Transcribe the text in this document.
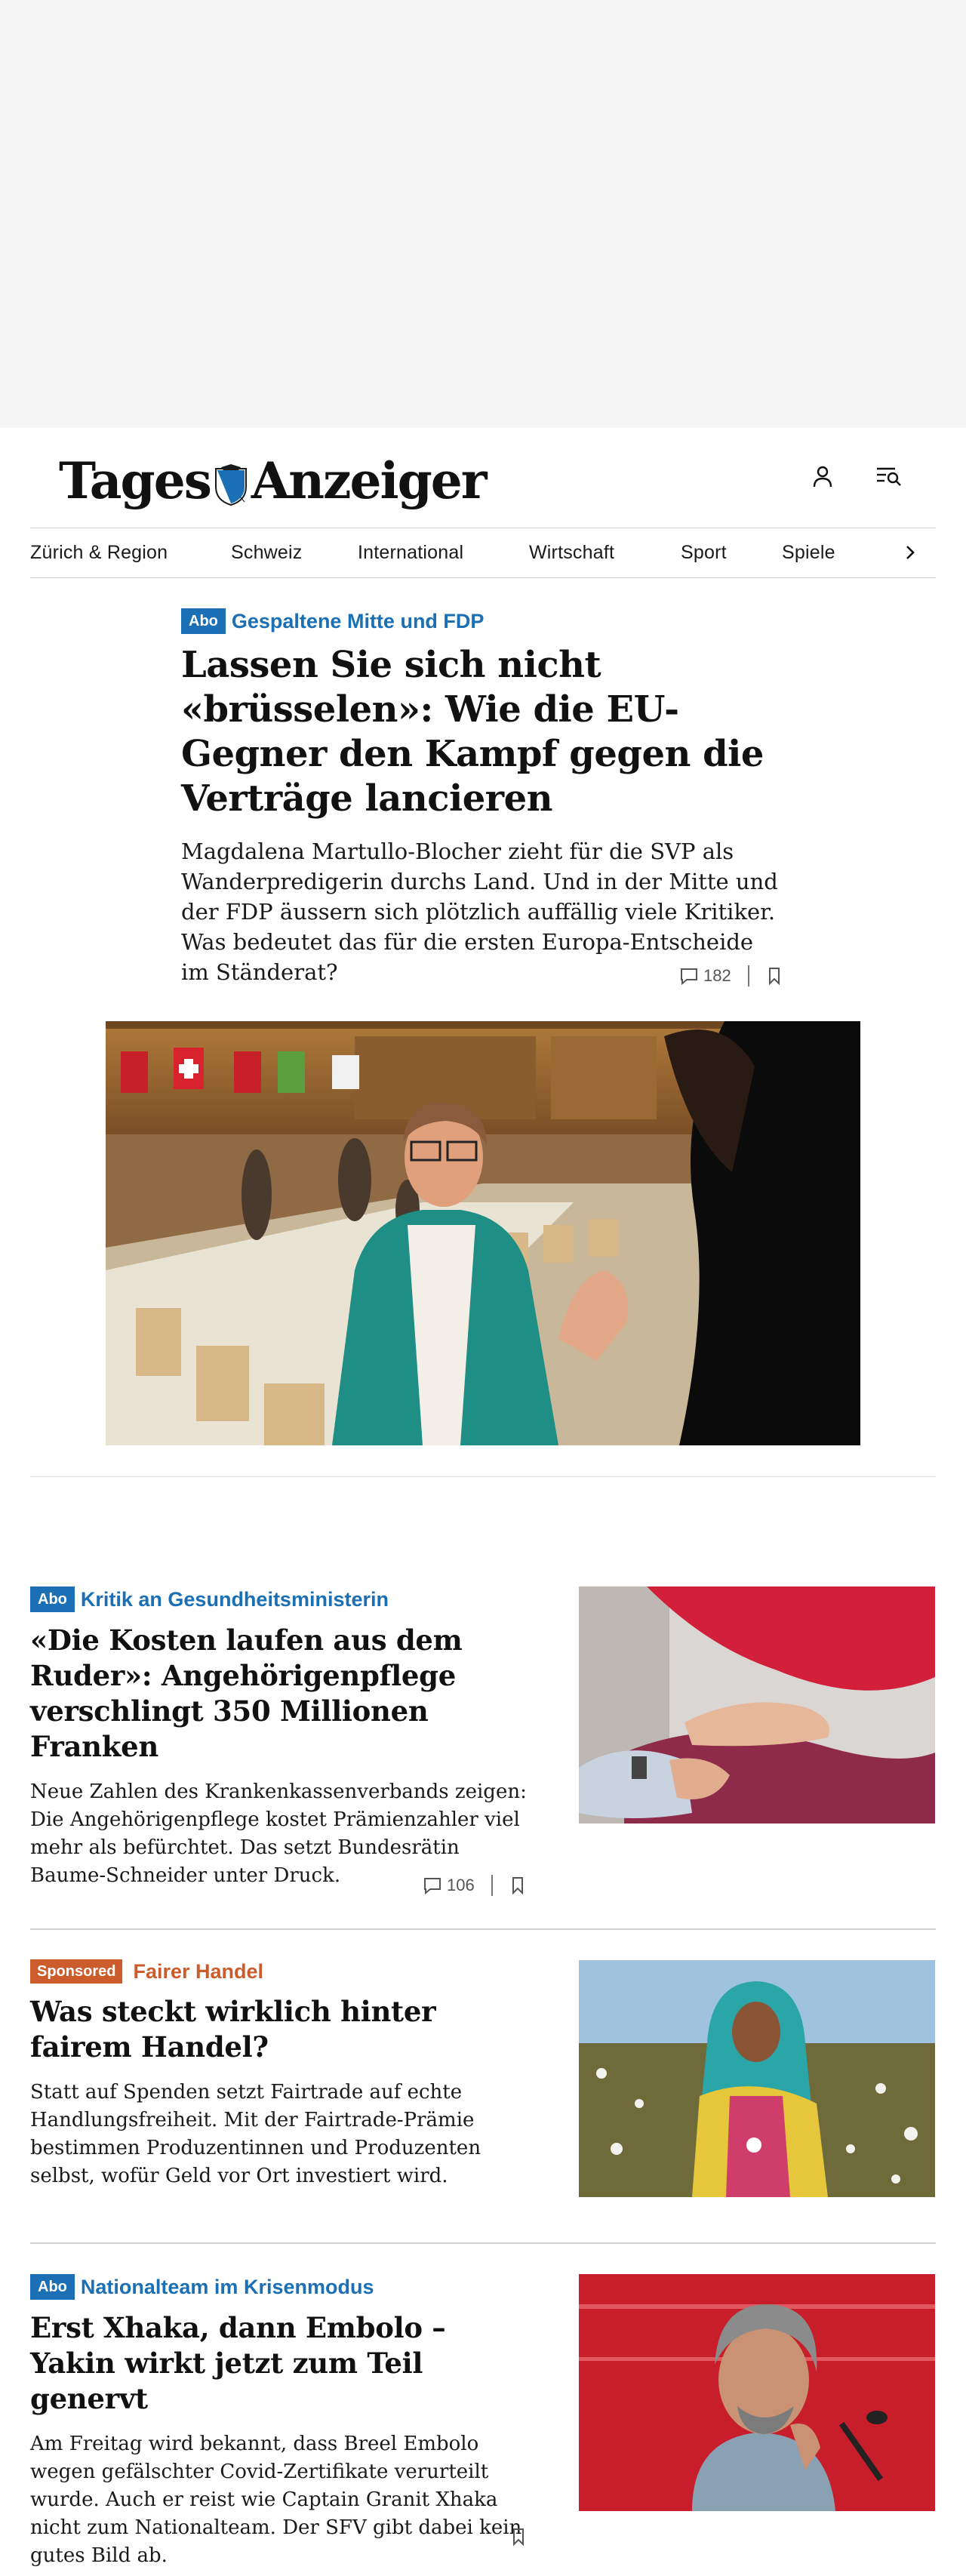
Tages Anzeiger
Zürich & Region	Schweiz	International	Wirtschaft	Sport	Spiele
Abo Gespaltene Mitte und FDP
Lassen Sie sich nicht «brüsselen»: Wie die EU-Gegner den Kampf gegen die Verträge lancieren

Magdalena Martullo-Blocher zieht für die SVP als Wanderpredigerin durchs Land. Und in der Mitte und der FDP äussern sich plötzlich auffällig viele Kritiker. Was bedeutet das für die ersten Europa-Entscheide im Ständerat?	182
Abo Kritik an Gesundheitsministerin
«Die Kosten laufen aus dem Ruder»: Angehörigenpflege verschlingt 350 Millionen Franken

Neue Zahlen des Krankenkassenverbands zeigen: Die Angehörigenpflege kostet Prämienzahler viel mehr als befürchtet. Das setzt Bundesrätin Baume-Schneider unter Druck.	106
Sponsored Fairer Handel
Was steckt wirklich hinter fairem Handel?

Statt auf Spenden setzt Fairtrade auf echte Handlungsfreiheit. Mit der Fairtrade-Prämie bestimmen Produzentinnen und Produzenten selbst, wofür Geld vor Ort investiert wird.

Abo Nationalteam im Krisenmodus
Erst Xhaka, dann Embolo – Yakin wirkt jetzt zum Teil genervt

Am Freitag wird bekannt, dass Breel Embolo wegen gefälschter Covid-Zertifikate verurteilt wurde. Auch er reist wie Captain Granit Xhaka nicht zum Nationalteam. Der SFV gibt dabei kein gutes Bild ab.
